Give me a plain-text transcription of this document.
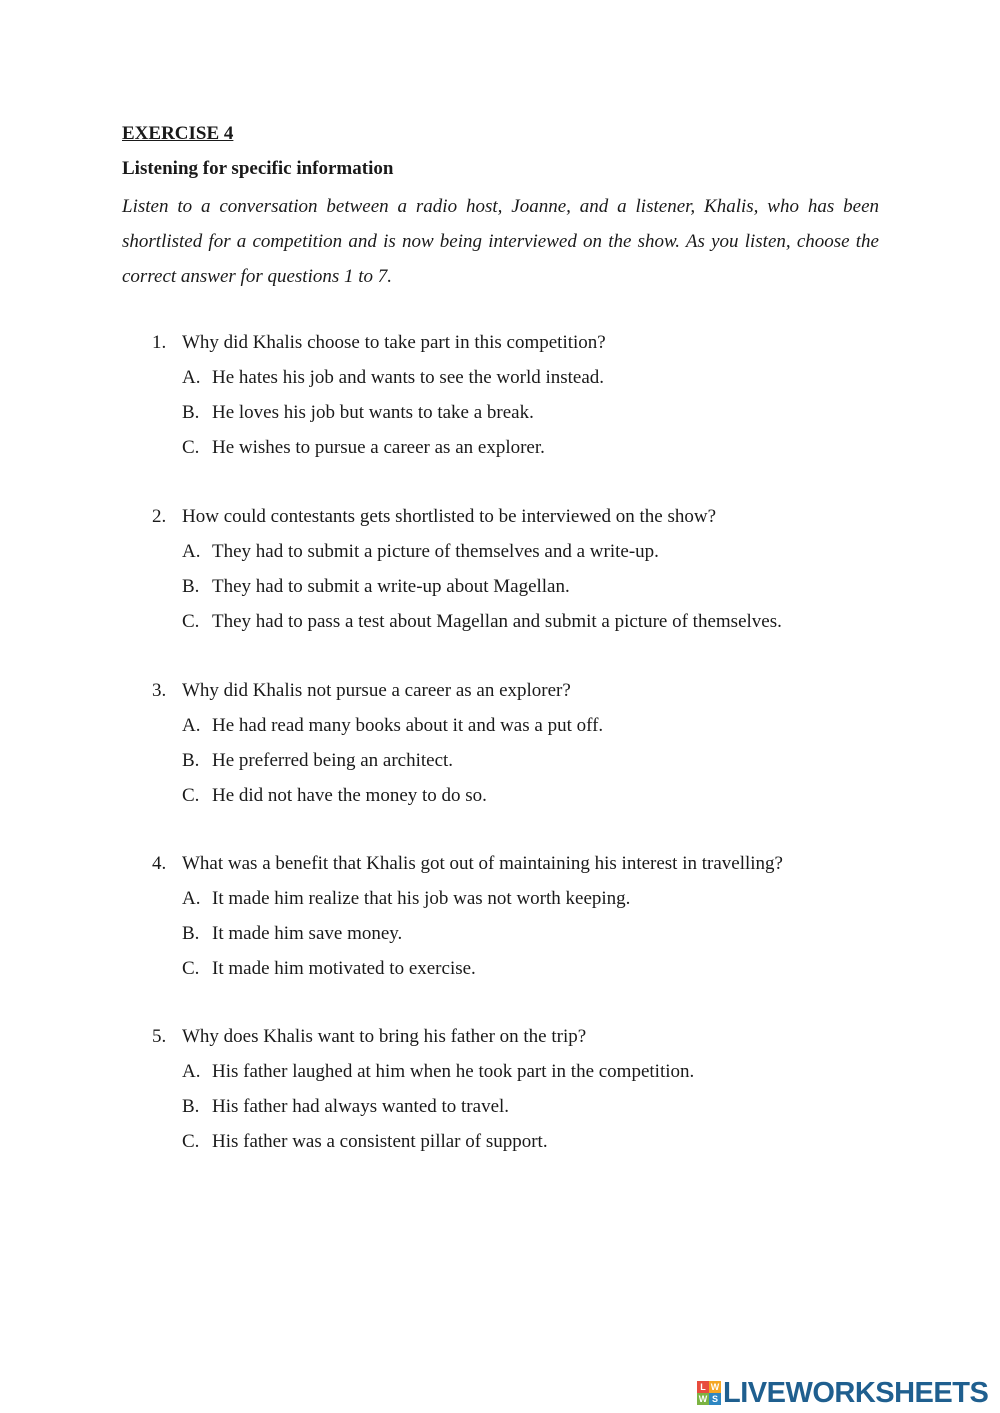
EXERCISE 4
Listening for specific information

Listen to a conversation between a radio host, Joanne, and a listener, Khalis, who has been shortlisted for a competition and is now being interviewed on the show. As you listen, choose the correct answer for questions 1 to 7.

1. Why did Khalis choose to take part in this competition?
A. He hates his job and wants to see the world instead.
B. He loves his job but wants to take a break.
C. He wishes to pursue a career as an explorer.
2. How could contestants gets shortlisted to be interviewed on the show?
A. They had to submit a picture of themselves and a write-up.
B. They had to submit a write-up about Magellan.
C. They had to pass a test about Magellan and submit a picture of themselves.
3. Why did Khalis not pursue a career as an explorer?
A. He had read many books about it and was a put off.
B. He preferred being an architect.
C. He did not have the money to do so.
4. What was a benefit that Khalis got out of maintaining his interest in travelling?
A. It made him realize that his job was not worth keeping.
B. It made him save money.
C. It made him motivated to exercise.
5. Why does Khalis want to bring his father on the trip?
A. His father laughed at him when he took part in the competition.
B. His father had always wanted to travel.
C. His father was a consistent pillar of support.
L W
W S LIVEWORKSHEETS
